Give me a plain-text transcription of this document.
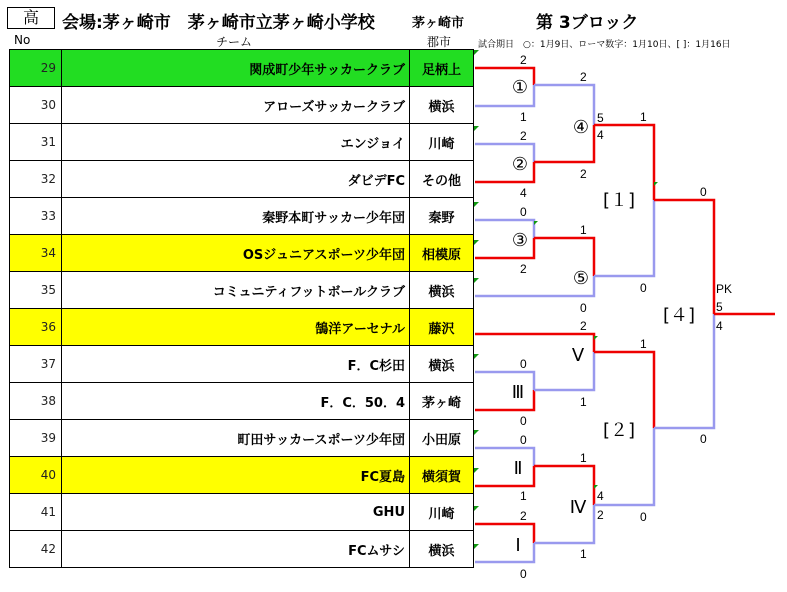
高	会場:茅ヶ崎市　茅ヶ崎市立茅ヶ崎小学校	茅ヶ崎市	第 3ブロック
No	チーム	郡市	試合期日　○：1月9日、ローマ数字：1月10日、[ ]：1月16日
29	関成町少年サッカークラブ	足柄上
30	アローズサッカークラブ	横浜
31	エンジョイ	川崎
32	ダビデFC	その他
33	秦野本町サッカー少年団	秦野
34	OSジュニアスポーツ少年団	相模原
35	コミュニティフットボールクラブ	横浜
36	鵠洋アーセナル	藤沢
37	F．C杉田	横浜
38	F．C．50．4	茅ヶ崎
39	町田サッカースポーツ少年団	小田原
40	FC夏島	横須賀
41	GHU	川崎
42	FCムサシ	横浜
2
1
2
4
0
2
0
2
0
0
0
1
2
0
2
2
1
0
1
1
1
5
4
4
2
1
1
0
0
0
PK
5
4
①
②
③
④
⑤
Ⅴ
Ⅲ
Ⅱ
Ⅰ
Ⅳ
[１]
[２]
[４]
